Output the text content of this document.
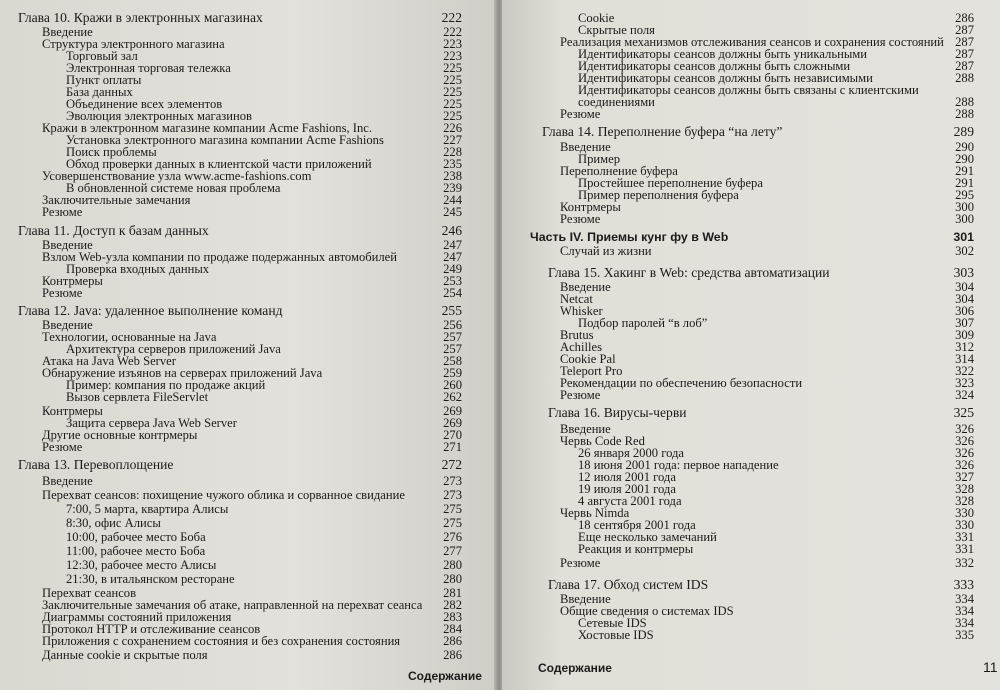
Глава 10. Кражи в электронных магазинах	222
Введение	222
Структура электронного магазина	223
Торговый зал	223
Электронная торговая тележка	225
Пункт оплаты	225
База данных	225
Объединение всех элементов	225
Эволюция электронных магазинов	225
Кражи в электронном магазине компании Acme Fashions, Inc.	226
Установка электронного магазина компании Acme Fashions	227
Поиск проблемы	228
Обход проверки данных в клиентской части приложений	235
Усовершенствование узла www.acme-fashions.com	238
В обновленной системе новая проблема	239
Заключительные замечания	244
Резюме	245
Глава 11. Доступ к базам данных	246
Введение	247
Взлом Web-узла компании по продаже подержанных автомобилей	247
Проверка входных данных	249
Контрмеры	253
Резюме	254
Глава 12. Java: удаленное выполнение команд	255
Введение	256
Технологии, основанные на Java	257
Архитектура серверов приложений Java	257
Атака на Java Web Server	258
Обнаружение изъянов на серверах приложений Java	259
Пример: компания по продаже акций	260
Вызов сервлета FileServlet	262
Контрмеры	269
Защита сервера Java Web Server	269
Другие основные контрмеры	270
Резюме	271
Глава 13. Перевоплощение	272
Введение	273
Перехват сеансов: похищение чужого облика и сорванное свидание	273
7:00, 5 марта, квартира Алисы	275
8:30, офис Алисы	275
10:00, рабочее место Боба	276
11:00, рабочее место Боба	277
12:30, рабочее место Алисы	280
21:30, в итальянском ресторане	280
Перехват сеансов	281
Заключительные замечания об атаке, направленной на перехват сеанса 282
Диаграммы состояний приложения	283
Протокол HTTP и отслеживание сеансов	284
Приложения с сохранением состояния и без сохранения состояния	286
Данные cookie и скрытые поля	286
Содержание
Cookie	286
Скрытые поля	287
Реализация механизмов отслеживания сеансов и сохранения состояний 287
Идентификаторы сеансов должны быть уникальными	287
Идентификаторы сеансов должны быть сложными	287
Идентификаторы сеансов должны быть независимыми	288
Идентификаторы сеансов должны быть связаны с клиентскими
соединениями	288
Резюме	288
Глава 14. Переполнение буфера “на лету”	289
Введение	290
Пример	290
Переполнение буфера	291
Простейшее переполнение буфера	291
Пример переполнения буфера	295
Контрмеры	300
Резюме	300
Часть IV. Приемы кунг фу в Web	301
Случай из жизни	302
Глава 15. Хакинг в Web: средства автоматизации	303
Введение	304
Netcat	304
Whisker	306
Подбор паролей “в лоб”	307
Brutus	309
Achilles	312
Cookie Pal	314
Teleport Pro	322
Рекомендации по обеспечению безопасности	323
Резюме	324
Глава 16. Вирусы-черви	325
Введение	326
Червь Code Red	326
26 января 2000 года	326
18 июня 2001 года: первое нападение	326
12 июля 2001 года	327
19 июля 2001 года	328
4 августа 2001 года	328
Червь Nimda	330
18 сентября 2001 года	330
Еще несколько замечаний	331
Реакция и контрмеры	331
Резюме	332
Глава 17. Обход систем IDS	333
Введение	334
Общие сведения о системах IDS	334
Сетевые IDS	334
Хостовые IDS	335
Содержание	11
